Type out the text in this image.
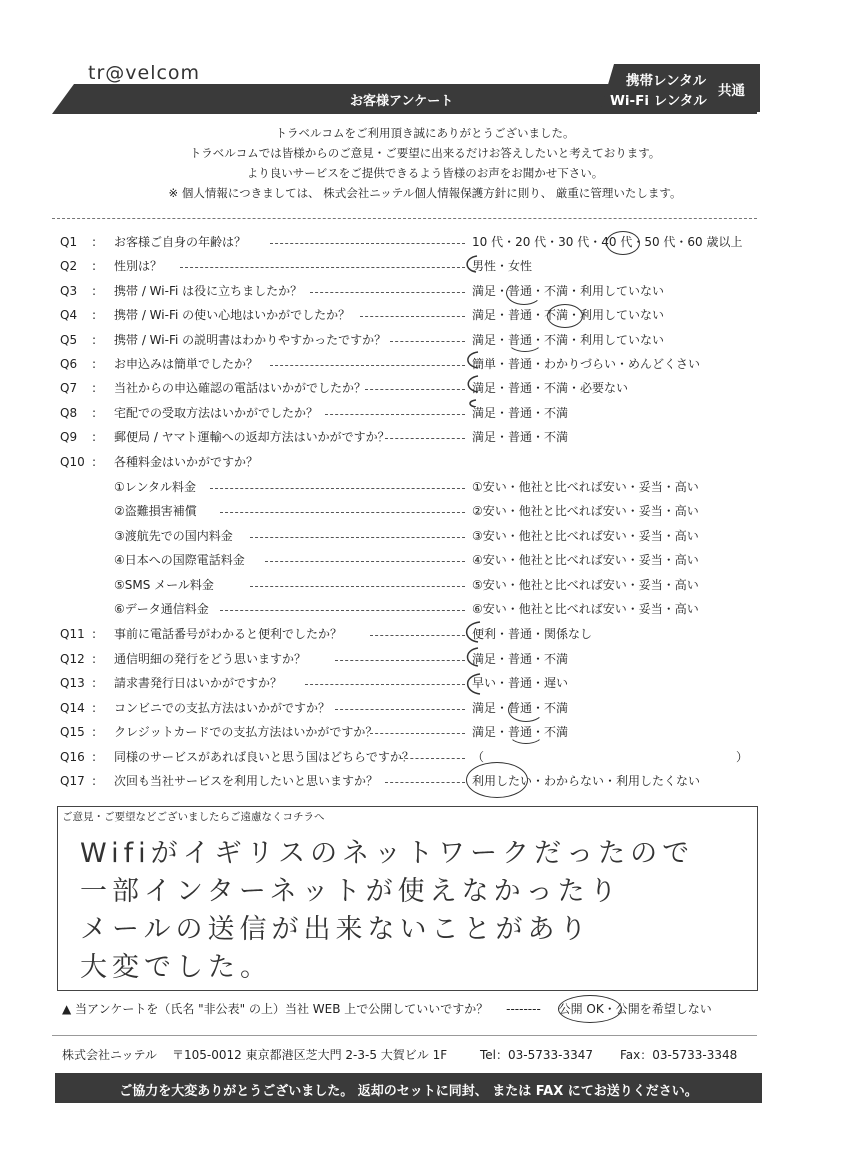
tr@velcom	携帯レンタル
Wi-Fi レンタル
共通
お客様アンケート
トラベルコムをご利用頂き誠にありがとうございました。
トラベルコムでは皆様からのご意見・ご要望に出来るだけお答えしたいと考えております。
より良いサービスをご提供できるよう皆様のお声をお聞かせ下さい。
※ 個人情報につきましては、 株式会社ニッテル個人情報保護方針に則り、 厳重に管理いたします。
Q1	: お客様ご自身の年齢は？	10 代・20 代・30 代・40 代・50 代・60 歳以上
Q2	: 性別は？	男性・女性
Q3	: 携帯 / Wi-Fi は役に立ちましたか？	満足・普通・不満・利用していない
Q4	: 携帯 / Wi-Fi の使い心地はいかがでしたか？	満足・普通・不満・利用していない
Q5	: 携帯 / Wi-Fi の説明書はわかりやすかったですか？	満足・普通・不満・利用していない
Q6	: お申込みは簡単でしたか？	簡単・普通・わかりづらい・めんどくさい
Q7	: 当社からの申込確認の電話はいかがでしたか？	満足・普通・不満・必要ない
Q8	: 宅配での受取方法はいかがでしたか？	満足・普通・不満
Q9	: 郵便局 / ヤマト運輸への返却方法はいかがですか？	満足・普通・不満
Q10 : 各種料金はいかがですか？
①レンタル料金	①安い・他社と比べれば安い・妥当・高い
②盗難損害補償	②安い・他社と比べれば安い・妥当・高い
③渡航先での国内料金	③安い・他社と比べれば安い・妥当・高い
④日本への国際電話料金	④安い・他社と比べれば安い・妥当・高い
⑤SMS メール料金	⑤安い・他社と比べれば安い・妥当・高い
⑥データ通信料金	⑥安い・他社と比べれば安い・妥当・高い
Q11 : 事前に電話番号がわかると便利でしたか？	便利・普通・関係なし
Q12 : 通信明細の発行をどう思いますか？	満足・普通・不満
Q13 : 請求書発行日はいかがですか？	早い・普通・遅い
Q14 : コンビニでの支払方法はいかがですか？	満足・普通・不満
Q15 : クレジットカードでの支払方法はいかがですか？	満足・普通・不満
Q16 : 同様のサービスがあれば良いと思う国はどちらですか？	（　　　　　　　　　　　　　　　　　　　　　）
Q17 : 次回も当社サービスを利用したいと思いますか？	利用したい・わからない・利用したくない
ご意見・ご要望などございましたらご遠慮なくコチラへ
Wifiがイギリスのネットワークだったので
一部インターネットが使えなかったり
メールの送信が出来ないことがあり
大変でした。
▲ 当アンケートを（氏名 "非公表" の上）当社 WEB 上で公開していいですか？ -------- 公開 OK・公開を希望しない
株式会社ニッテル 〒105-0012 東京都港区芝大門 2-3-5 大賀ビル 1F	Tel：03-5733-3347 Fax：03-5733-3348
ご協力を大変ありがとうございました。 返却のセットに同封、 または FAX にてお送りください。
